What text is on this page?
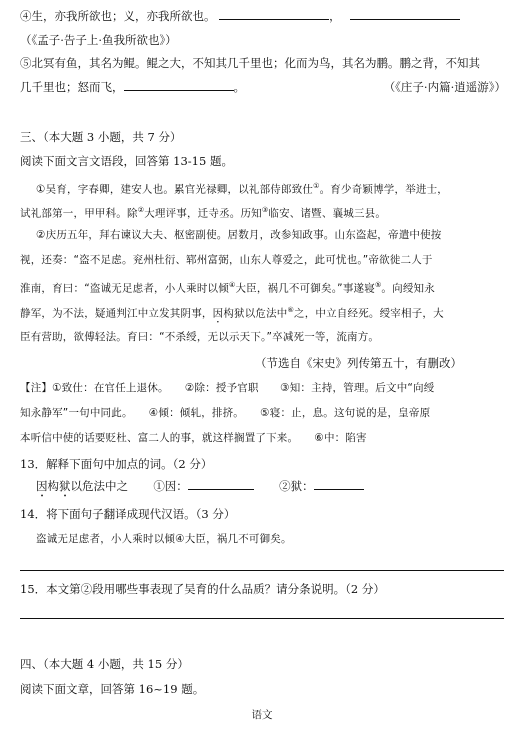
④生，亦我所欲也；义，亦我所欲也。	，
（《孟子·告子上·鱼我所欲也》）
⑤北冥有鱼，其名为鲲。鲲之大，不知其几千里也；化而为鸟，其名为鹏。鹏之背，不知其
几千里也；怒而飞，	。	（《庄子·内篇·逍遥游》）
三、（本大题 3 小题，共 7 分）
阅读下面文言文语段，回答第 13-15 题。
①吴育，字春卿，建安人也。累官光禄卿，以礼部侍郎致仕①。育少奇颖博学，举进士，
试礼部第一，甲甲科。除②大理评事，迁寺丞。历知③临安、诸暨、襄城三县。
②庆历五年，拜右谏议大夫、枢密副使。居数月，改参知政事。山东盗起，帝遣中使按
视，还奏：“盗不足虑。兖州杜衍、郓州富弼，山东人尊爱之，此可忧也。”帝欲徙二人于
淮南，育曰：“盗诚无足虑者，小人乘时以倾④大臣，祸几不可御矣。”事遂寝⑤。向绶知永
静军，为不法，疑通判江中立发其阴事，因构狱以危法中⑥之，中立自经死。绶宰相子，大
臣有营助，欲傅轻法。育曰：“不杀绶，无以示天下。”卒减死一等，流南方。
（节选自《宋史》列传第五十，有删改）
【注】①致仕：在官任上退休。　　②除：授予官职　　③知：主持，管理。后文中“向绶
知永静军”一句中同此。　　④倾：倾轧，排挤。　　⑤寝：止，息。这句说的是，皇帝原
本听信中使的话要贬杜、富二人的事，就这样搁置了下来。　　⑥中：陷害
13．解释下面句中加点的词。（2 分）
因构狱以危法中之 ①因：	②狱：
14．将下面句子翻译成现代汉语。（3 分）
盗诚无足虑者，小人乘时以倾④大臣，祸几不可御矣。
15．本文第②段用哪些事表现了吴育的什么品质？请分条说明。（2 分）
四、（本大题 4 小题，共 15 分）
阅读下面文章，回答第 16~19 题。
语文
